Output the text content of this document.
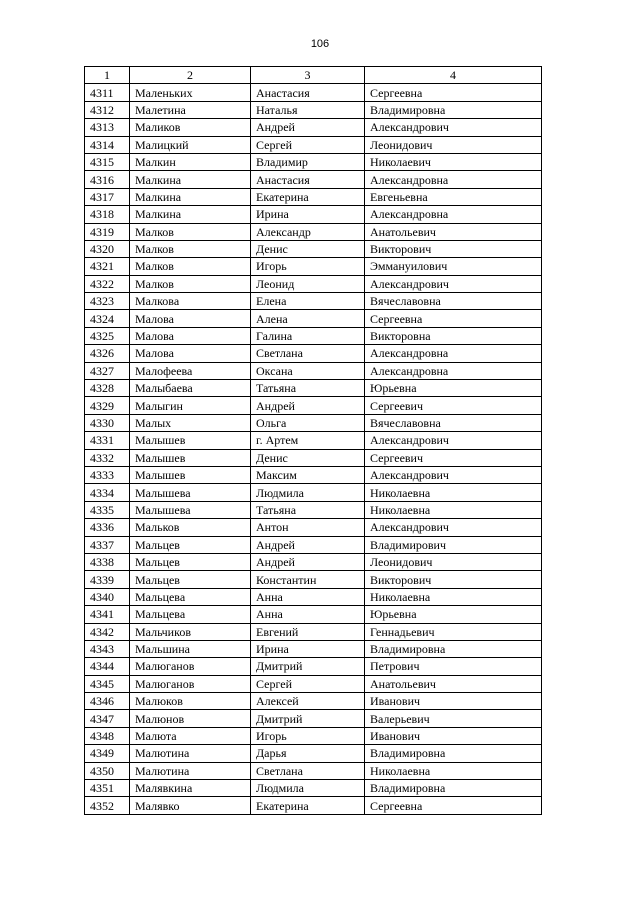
106
1	2	3	4
4311	Маленьких	Анастасия	Сергеевна
4312	Малетина	Наталья	Владимировна
4313	Маликов	Андрей	Александрович
4314	Малицкий	Сергей	Леонидович
4315	Малкин	Владимир	Николаевич
4316	Малкина	Анастасия	Александровна
4317	Малкина	Екатерина	Евгеньевна
4318	Малкина	Ирина	Александровна
4319	Малков	Александр	Анатольевич
4320	Малков	Денис	Викторович
4321	Малков	Игорь	Эммануилович
4322	Малков	Леонид	Александрович
4323	Малкова	Елена	Вячеславовна
4324	Малова	Алена	Сергеевна
4325	Малова	Галина	Викторовна
4326	Малова	Светлана	Александровна
4327	Малофеева	Оксана	Александровна
4328	Малыбаева	Татьяна	Юрьевна
4329	Малыгин	Андрей	Сергеевич
4330	Малых	Ольга	Вячеславовна
4331	Малышев	г. Артем	Александрович
4332	Малышев	Денис	Сергеевич
4333	Малышев	Максим	Александрович
4334	Малышева	Людмила	Николаевна
4335	Малышева	Татьяна	Николаевна
4336	Мальков	Антон	Александрович
4337	Мальцев	Андрей	Владимирович
4338	Мальцев	Андрей	Леонидович
4339	Мальцев	Константин	Викторович
4340	Мальцева	Анна	Николаевна
4341	Мальцева	Анна	Юрьевна
4342	Мальчиков	Евгений	Геннадьевич
4343	Мальшина	Ирина	Владимировна
4344	Малюганов	Дмитрий	Петрович
4345	Малюганов	Сергей	Анатольевич
4346	Малюков	Алексей	Иванович
4347	Малюнов	Дмитрий	Валерьевич
4348	Малюта	Игорь	Иванович
4349	Малютина	Дарья	Владимировна
4350	Малютина	Светлана	Николаевна
4351	Малявкина	Людмила	Владимировна
4352	Малявко	Екатерина	Сергеевна
